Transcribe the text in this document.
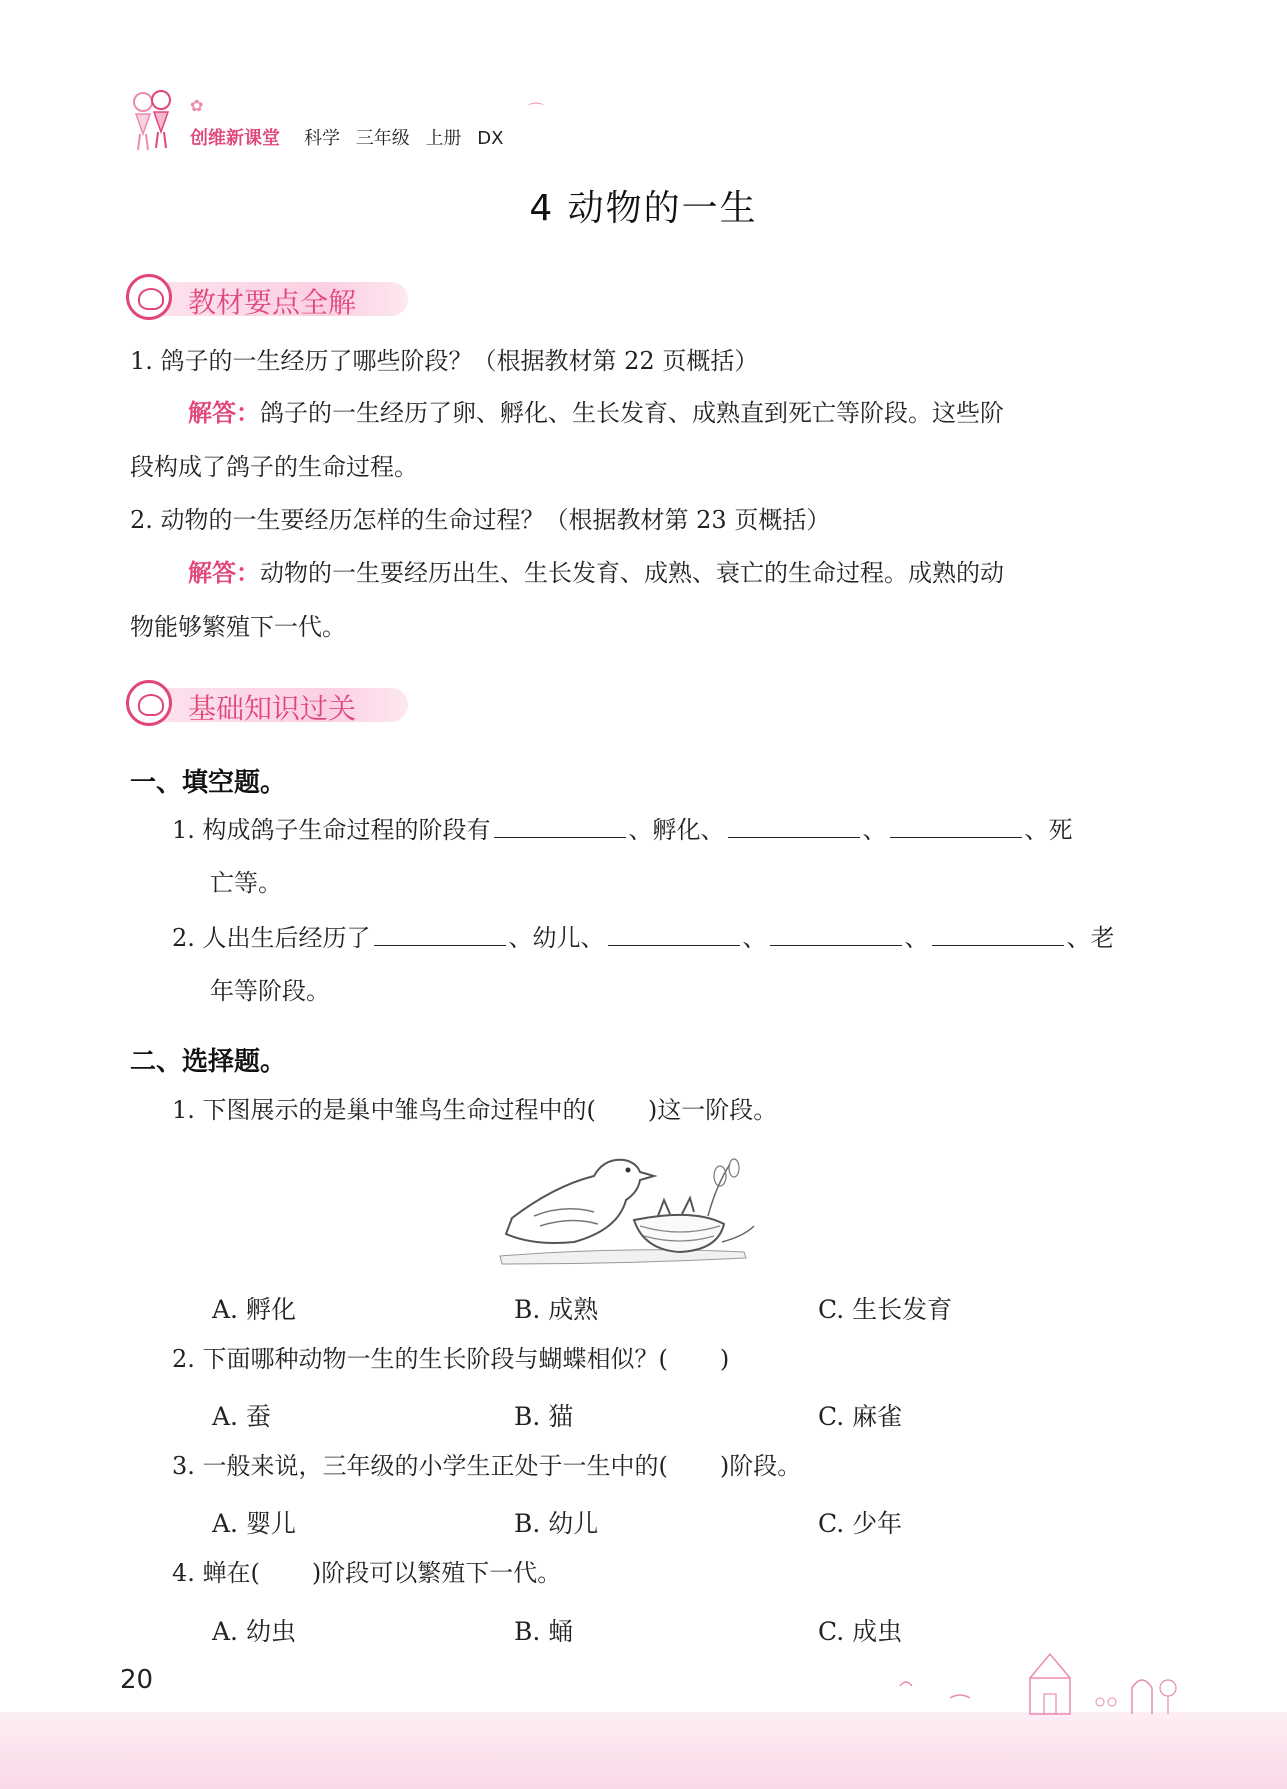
创维新课堂 科学 三年级 上册 DX
✿	⌒
4 动物的一生
教材要点全解
1. 鸽子的一生经历了哪些阶段？（根据教材第 22 页概括）
解答：鸽子的一生经历了卵、孵化、生长发育、成熟直到死亡等阶段。这些阶
段构成了鸽子的生命过程。
2. 动物的一生要经历怎样的生命过程？（根据教材第 23 页概括）
解答：动物的一生要经历出生、生长发育、成熟、衰亡的生命过程。成熟的动
物能够繁殖下一代。
基础知识过关
一、填空题。
1. 构成鸽子生命过程的阶段有	、孵化、	、	、死
亡等。
2. 人出生后经历了	、幼儿、	、	、	、老
年等阶段。
二、选择题。
1. 下图展示的是巢中雏鸟生命过程中的( )这一阶段。
A. 孵化	B. 成熟	C. 生长发育
2. 下面哪种动物一生的生长阶段与蝴蝶相似？( )
A. 蚕	B. 猫	C. 麻雀
3. 一般来说，三年级的小学生正处于一生中的( )阶段。
A. 婴儿	B. 幼儿	C. 少年
4. 蝉在( )阶段可以繁殖下一代。
A. 幼虫	B. 蛹	C. 成虫
20
